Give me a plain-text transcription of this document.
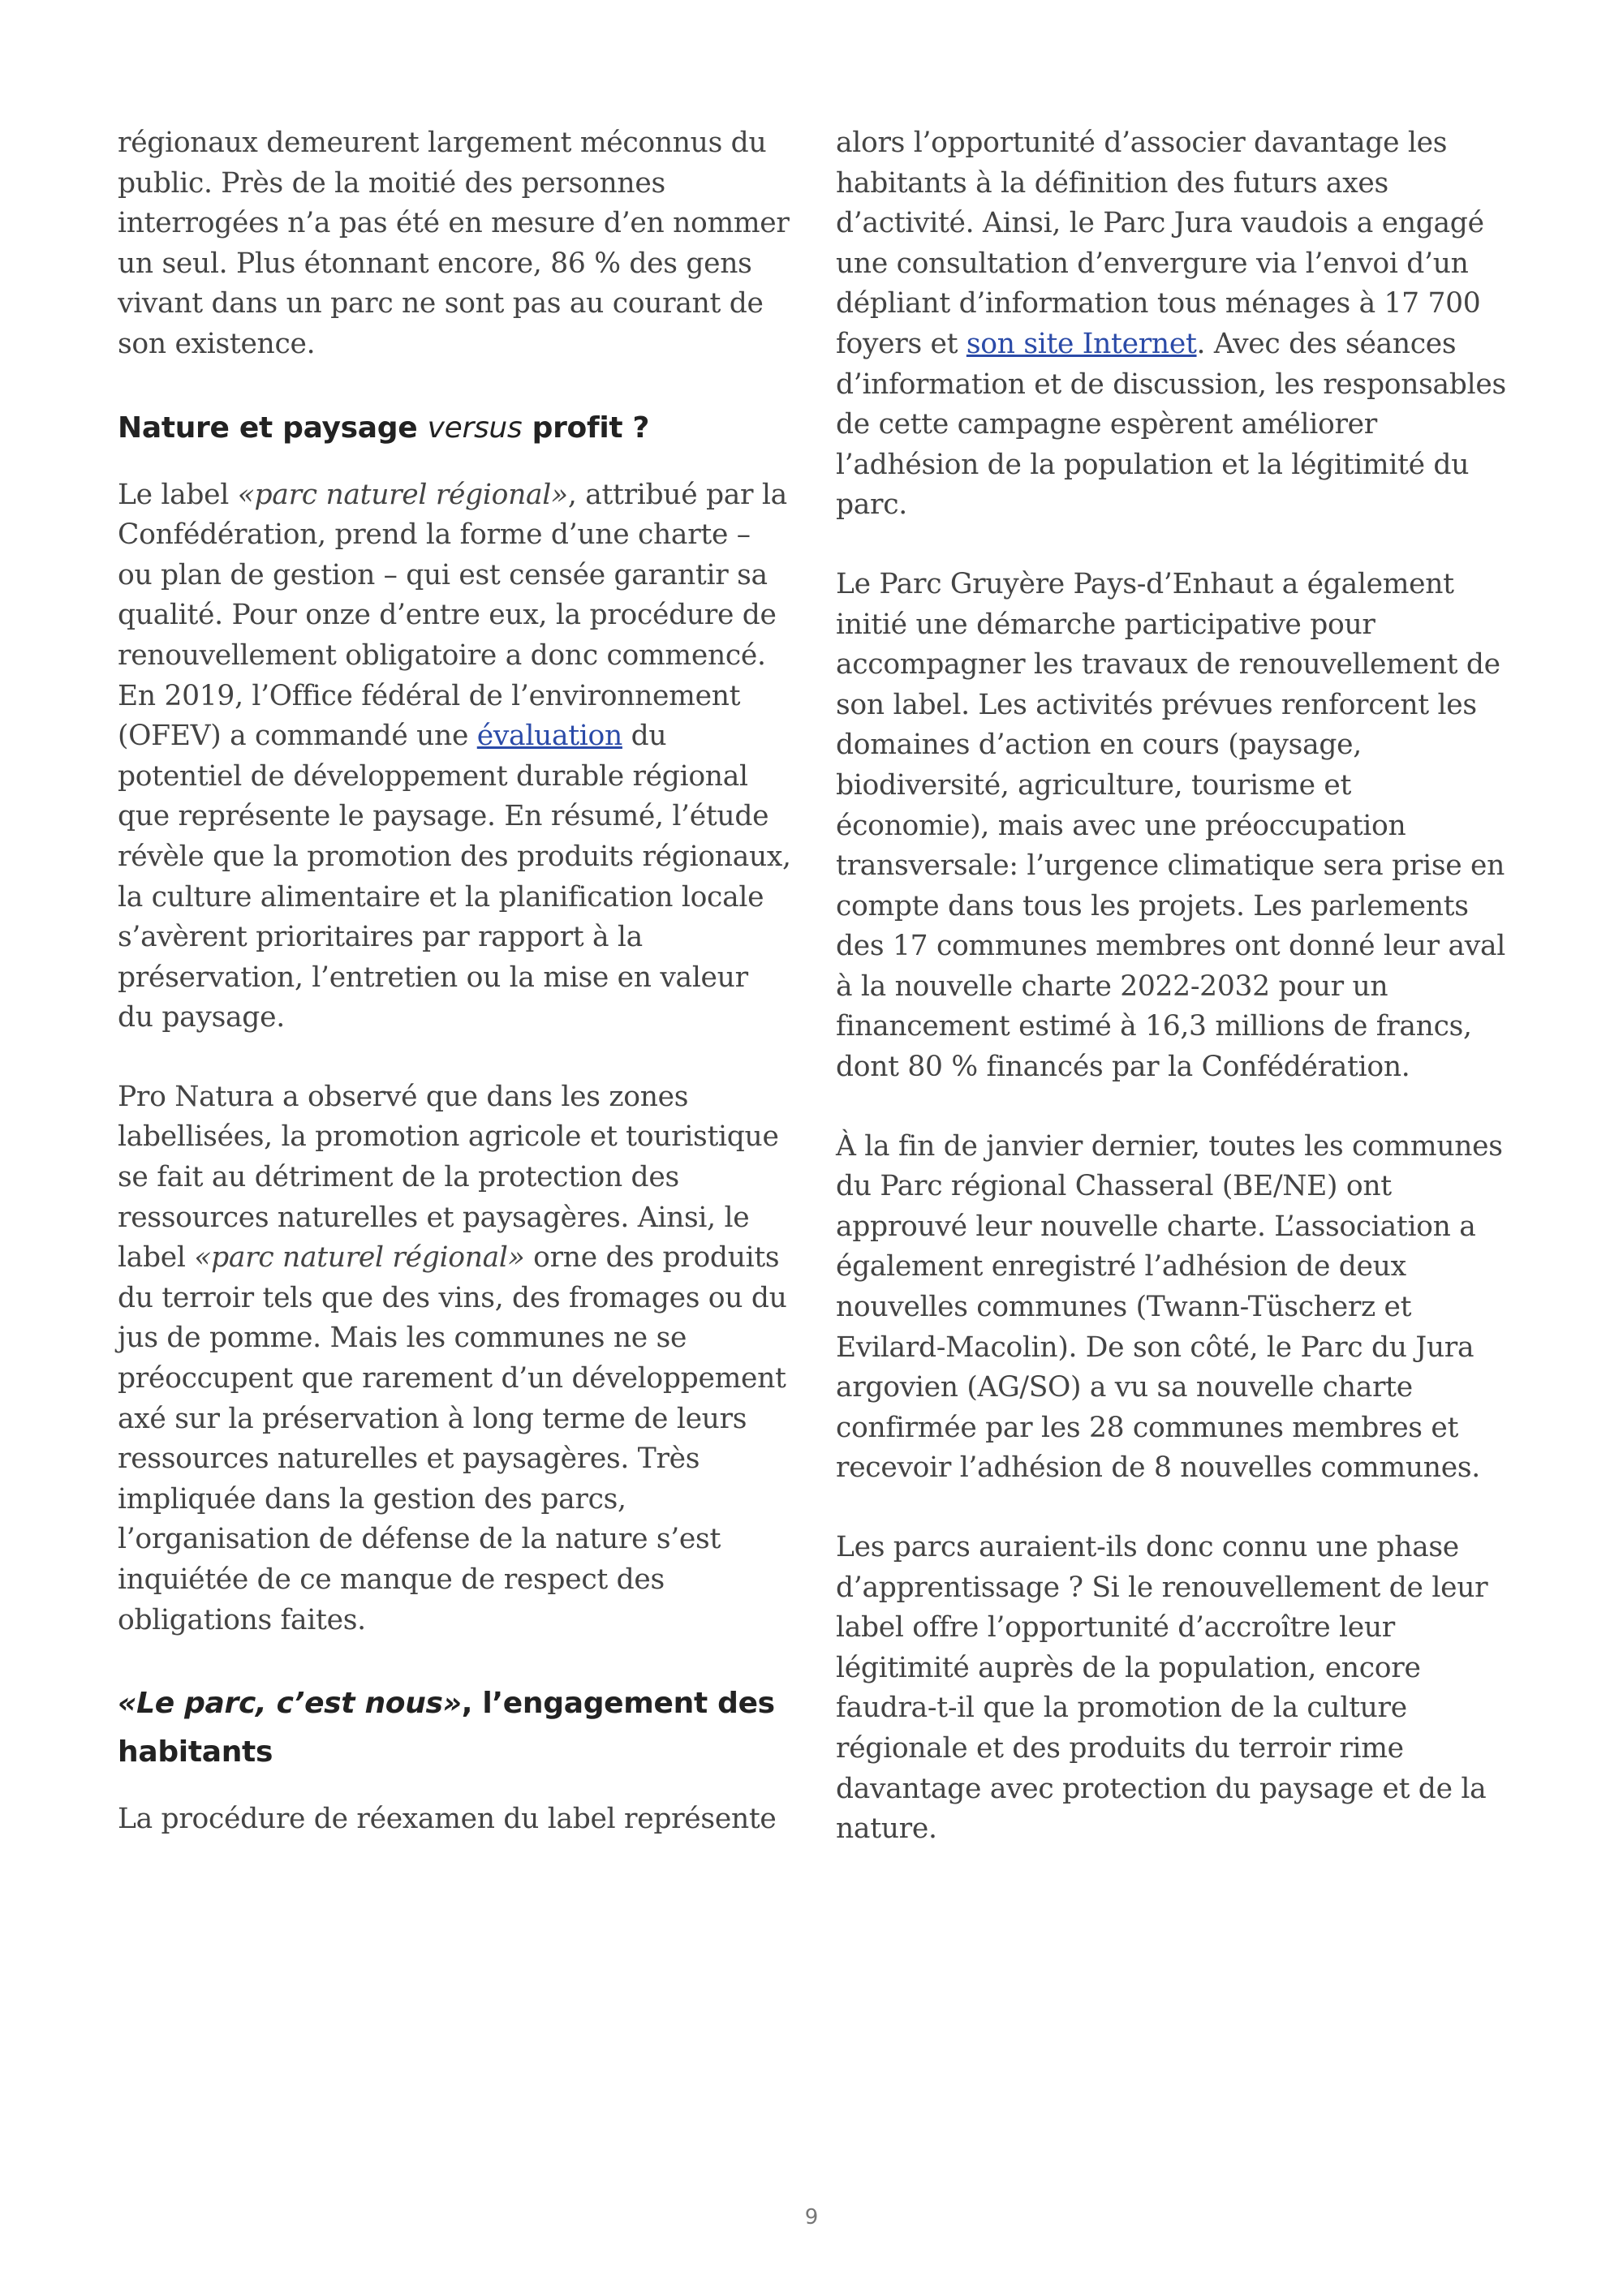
régionaux demeurent largement méconnus du public. Près de la moitié des personnes interrogées n’a pas été en mesure d’en nommer un seul. Plus étonnant encore, 86 % des gens vivant dans un parc ne sont pas au courant de son existence.

Nature et paysage versus profit ?

Le label «parc naturel régional», attribué par la Confédération, prend la forme d’une charte – ou plan de gestion – qui est censée garantir sa qualité. Pour onze d’entre eux, la procédure de renouvellement obligatoire a donc commencé. En 2019, l’Office fédéral de l’environnement (OFEV) a commandé une évaluation du potentiel de développement durable régional que représente le paysage. En résumé, l’étude révèle que la promotion des produits régionaux, la culture alimentaire et la planification locale s’avèrent prioritaires par rapport à la préservation, l’entretien ou la mise en valeur du paysage.

Pro Natura a observé que dans les zones labellisées, la promotion agricole et touristique se fait au détriment de la protection des ressources naturelles et paysagères. Ainsi, le label «parc naturel régional» orne des produits du terroir tels que des vins, des fromages ou du jus de pomme. Mais les communes ne se préoccupent que rarement d’un développement axé sur la préservation à long terme de leurs ressources naturelles et paysagères. Très impliquée dans la gestion des parcs, l’organisation de défense de la nature s’est inquiétée de ce manque de respect des obligations faites.

«Le parc, c’est nous», l’engagement des habitants

La procédure de réexamen du label représente

alors l’opportunité d’associer davantage les habitants à la définition des futurs axes d’activité. Ainsi, le Parc Jura vaudois a engagé une consultation d’envergure via l’envoi d’un dépliant d’information tous ménages à 17 700 foyers et son site Internet. Avec des séances d’information et de discussion, les responsables de cette campagne espèrent améliorer l’adhésion de la population et la légitimité du parc.

Le Parc Gruyère Pays-d’Enhaut a également initié une démarche participative pour accompagner les travaux de renouvellement de son label. Les activités prévues renforcent les domaines d’action en cours (paysage, biodiversité, agriculture, tourisme et économie), mais avec une préoccupation transversale: l’urgence climatique sera prise en compte dans tous les projets. Les parlements des 17 communes membres ont donné leur aval à la nouvelle charte 2022-2032 pour un financement estimé à 16,3 millions de francs, dont 80 % financés par la Confédération.

À la fin de janvier dernier, toutes les communes du Parc régional Chasseral (BE/NE) ont approuvé leur nouvelle charte. L’association a également enregistré l’adhésion de deux nouvelles communes (Twann-Tüscherz et Evilard-Macolin). De son côté, le Parc du Jura argovien (AG/SO) a vu sa nouvelle charte confirmée par les 28 communes membres et recevoir l’adhésion de 8 nouvelles communes.

Les parcs auraient-ils donc connu une phase d’apprentissage ? Si le renouvellement de leur label offre l’opportunité d’accroître leur légitimité auprès de la population, encore faudra-t-il que la promotion de la culture régionale et des produits du terroir rime davantage avec protection du paysage et de la nature.

9
